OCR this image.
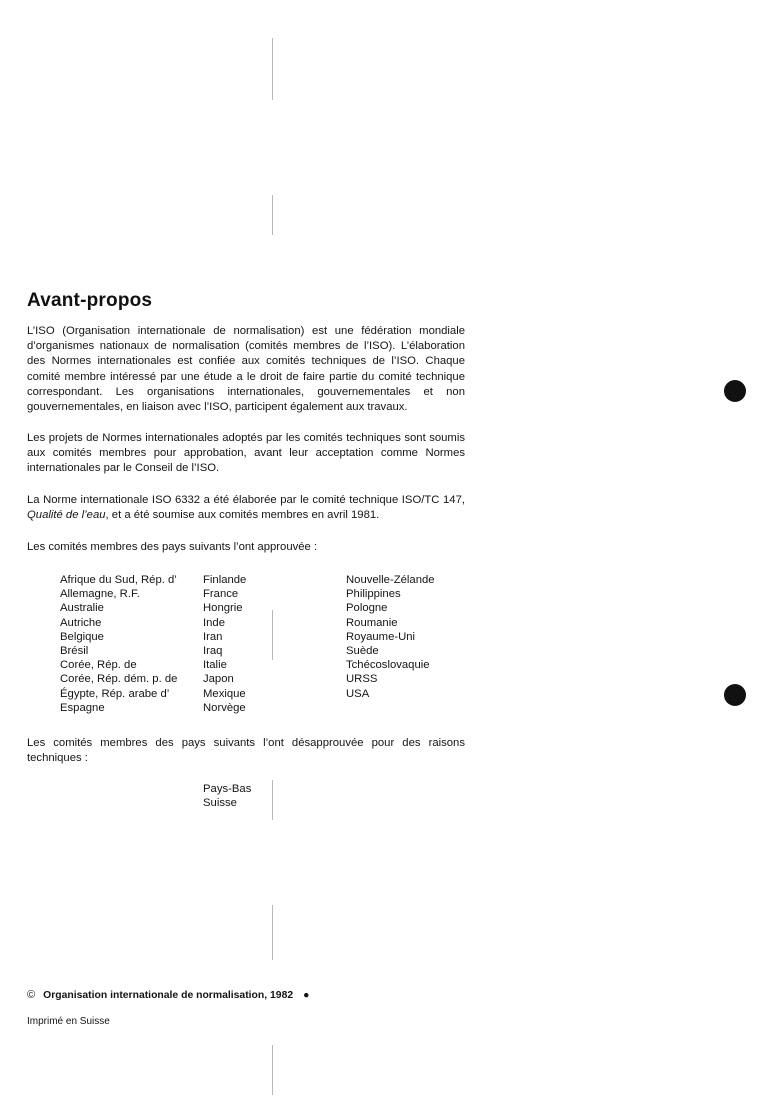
Avant-propos

L’ISO (Organisation internationale de normalisation) est une fédération mondiale d’organismes nationaux de normalisation (comités membres de l’ISO). L’élaboration des Normes internationales est confiée aux comités techniques de l’ISO. Chaque comité membre intéressé par une étude a le droit de faire partie du comité technique correspondant. Les organisations internationales, gouvernementales et non gouvernementales, en liaison avec l’ISO, participent également aux travaux.

Les projets de Normes internationales adoptés par les comités techniques sont soumis aux comités membres pour approbation, avant leur acceptation comme Normes internationales par le Conseil de l’ISO.

La Norme internationale ISO 6332 a été élaborée par le comité technique ISO/TC 147, Qualité de l’eau, et a été soumise aux comités membres en avril 1981.

Les comités membres des pays suivants l’ont approuvée :

Afrique du Sud, Rép. d’
Allemagne, R.F.
Australie
Autriche
Belgique
Brésil
Corée, Rép. de
Corée, Rép. dém. p. de
Égypte, Rép. arabe d’
Espagne
Finlande
France
Hongrie
Inde
Iran
Iraq
Italie
Japon
Mexique
Norvège
Nouvelle-Zélande
Philippines
Pologne
Roumanie
Royaume-Uni
Suède
Tchécoslovaquie
URSS
USA

Les comités membres des pays suivants l’ont désapprouvée pour des raisons techniques :

Pays-Bas
Suisse

© Organisation internationale de normalisation, 1982 ●

Imprimé en Suisse
